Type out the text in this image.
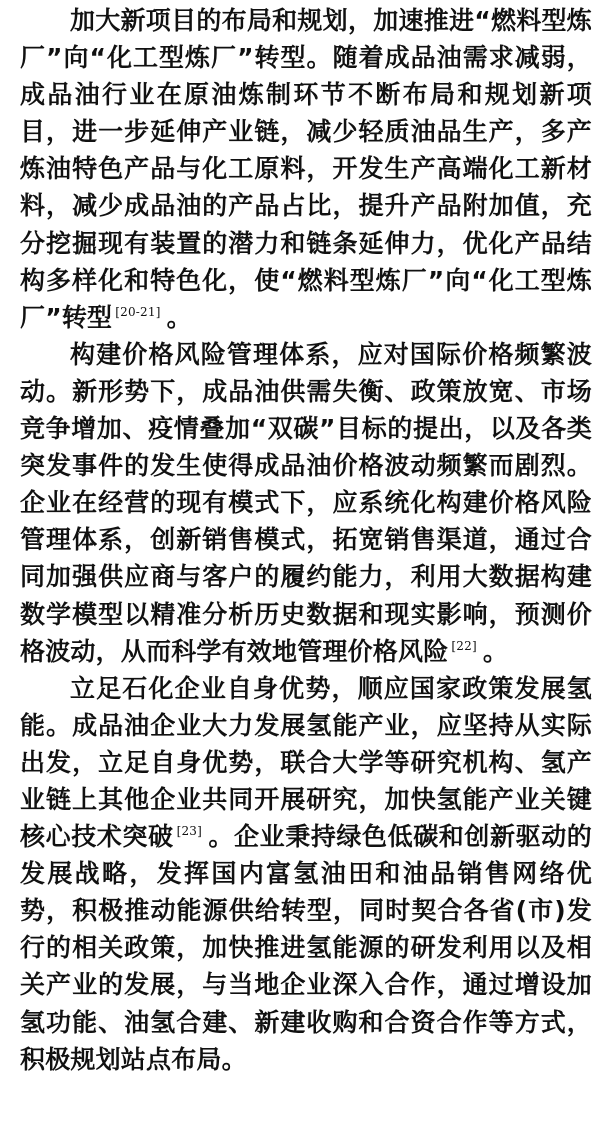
加大新项目的布局和规划，加速推进“燃料型炼厂”向“化工型炼厂”转型。随着成品油需求减弱，成品油行业在原油炼制环节不断布局和规划新项目，进一步延伸产业链，减少轻质油品生产，多产炼油特色产品与化工原料，开发生产高端化工新材料，减少成品油的产品占比，提升产品附加值，充分挖掘现有装置的潜力和链条延伸力，优化产品结构多样化和特色化，使“燃料型炼厂”向“化工型炼厂”转型 [20-21] 。

构建价格风险管理体系，应对国际价格频繁波动。新形势下，成品油供需失衡、政策放宽、市场竞争增加、疫情叠加“双碳”目标的提出，以及各类突发事件的发生使得成品油价格波动频繁而剧烈。企业在经营的现有模式下，应系统化构建价格风险管理体系，创新销售模式，拓宽销售渠道，通过合同加强供应商与客户的履约能力，利用大数据构建数学模型以精准分析历史数据和现实影响，预测价格波动，从而科学有效地管理价格风险 [22] 。

立足石化企业自身优势，顺应国家政策发展氢能。成品油企业大力发展氢能产业，应坚持从实际出发，立足自身优势，联合大学等研究机构、氢产业链上其他企业共同开展研究，加快氢能产业关键核心技术突破 [23] 。企业秉持绿色低碳和创新驱动的发展战略，发挥国内富氢油田和油品销售网络优势，积极推动能源供给转型，同时契合各省(市)发行的相关政策，加快推进氢能源的研发利用以及相关产业的发展，与当地企业深入合作，通过增设加氢功能、油氢合建、新建收购和合资合作等方式，积极规划站点布局。
